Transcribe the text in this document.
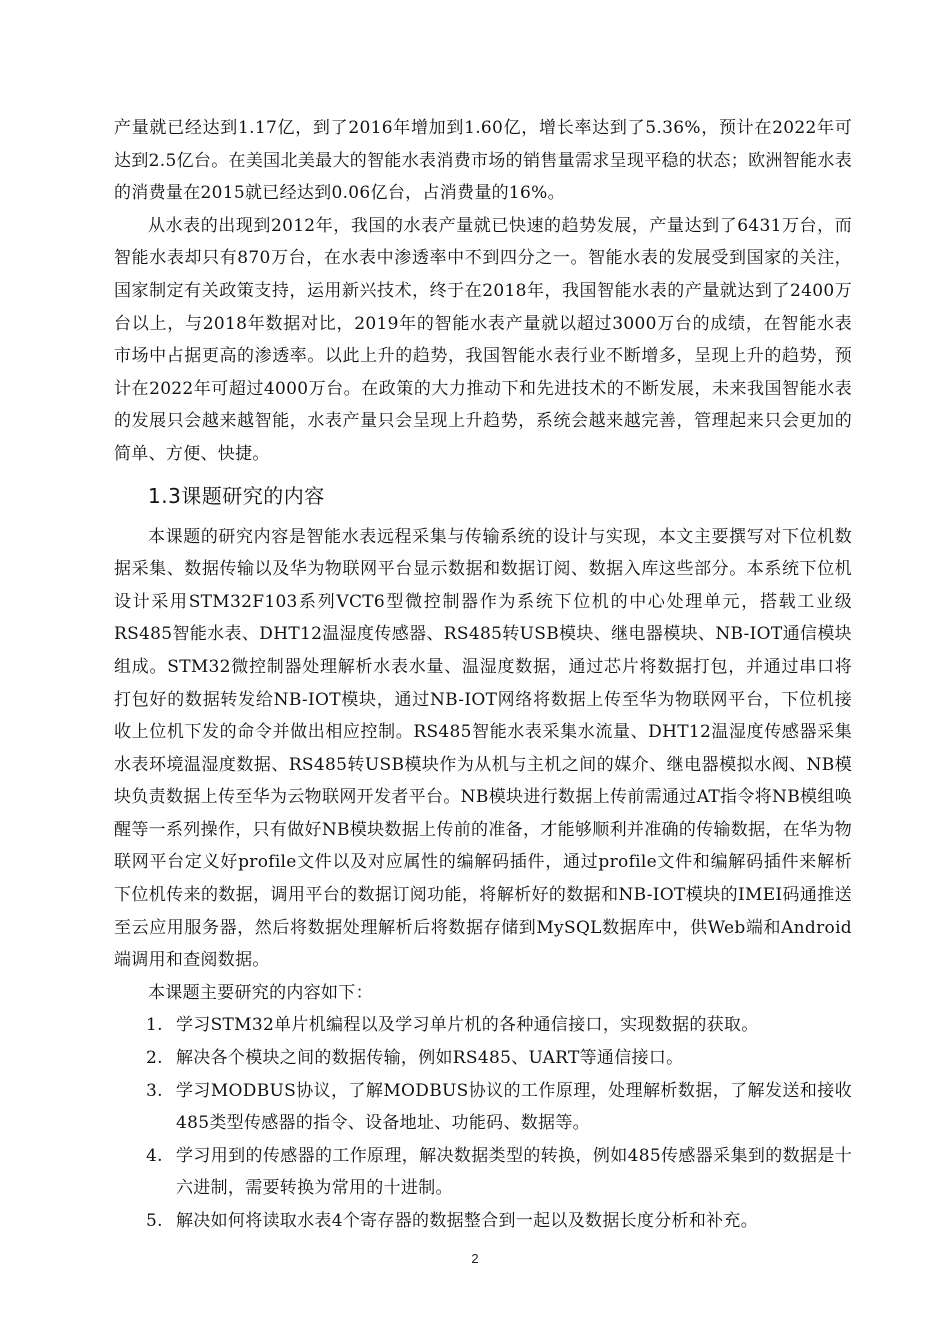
产量就已经达到1.17亿，到了2016年增加到1.60亿，增长率达到了5.36%，预计在2022年可达到2.5亿台。在美国北美最大的智能水表消费市场的销售量需求呈现平稳的状态；欧洲智能水表的消费量在2015就已经达到0.06亿台，占消费量的16%。

从水表的出现到2012年，我国的水表产量就已快速的趋势发展，产量达到了6431万台，而智能水表却只有870万台，在水表中渗透率中不到四分之一。智能水表的发展受到国家的关注，国家制定有关政策支持，运用新兴技术，终于在2018年，我国智能水表的产量就达到了2400万台以上，与2018年数据对比，2019年的智能水表产量就以超过3000万台的成绩，在智能水表市场中占据更高的渗透率。以此上升的趋势，我国智能水表行业不断增多，呈现上升的趋势，预计在2022年可超过4000万台。在政策的大力推动下和先进技术的不断发展，未来我国智能水表的发展只会越来越智能，水表产量只会呈现上升趋势，系统会越来越完善，管理起来只会更加的简单、方便、快捷。

1.3课题研究的内容

本课题的研究内容是智能水表远程采集与传输系统的设计与实现，本文主要撰写对下位机数据采集、数据传输以及华为物联网平台显示数据和数据订阅、数据入库这些部分。本系统下位机设计采用STM32F103系列VCT6型微控制器作为系统下位机的中心处理单元，搭载工业级RS485智能水表、DHT12温湿度传感器、RS485转USB模块、继电器模块、NB-IOT通信模块组成。STM32微控制器处理解析水表水量、温湿度数据，通过芯片将数据打包，并通过串口将打包好的数据转发给NB-IOT模块，通过NB-IOT网络将数据上传至华为物联网平台，下位机接收上位机下发的命令并做出相应控制。RS485智能水表采集水流量、DHT12温湿度传感器采集水表环境温湿度数据、RS485转USB模块作为从机与主机之间的媒介、继电器模拟水阀、NB模块负责数据上传至华为云物联网开发者平台。NB模块进行数据上传前需通过AT指令将NB模组唤醒等一系列操作，只有做好NB模块数据上传前的准备，才能够顺利并准确的传输数据，在华为物联网平台定义好profile文件以及对应属性的编解码插件，通过profile文件和编解码插件来解析下位机传来的数据，调用平台的数据订阅功能，将解析好的数据和NB-IOT模块的IMEI码通推送至云应用服务器，然后将数据处理解析后将数据存储到MySQL数据库中，供Web端和Android端调用和查阅数据。

本课题主要研究的内容如下：

1. 学习STM32单片机编程以及学习单片机的各种通信接口，实现数据的获取。
2. 解决各个模块之间的数据传输，例如RS485、UART等通信接口。
3. 学习MODBUS协议，了解MODBUS协议的工作原理，处理解析数据，了解发送和接收485类型传感器的指令、设备地址、功能码、数据等。
4. 学习用到的传感器的工作原理，解决数据类型的转换，例如485传感器采集到的数据是十六进制，需要转换为常用的十进制。
5. 解决如何将读取水表4个寄存器的数据整合到一起以及数据长度分析和补充。
2
